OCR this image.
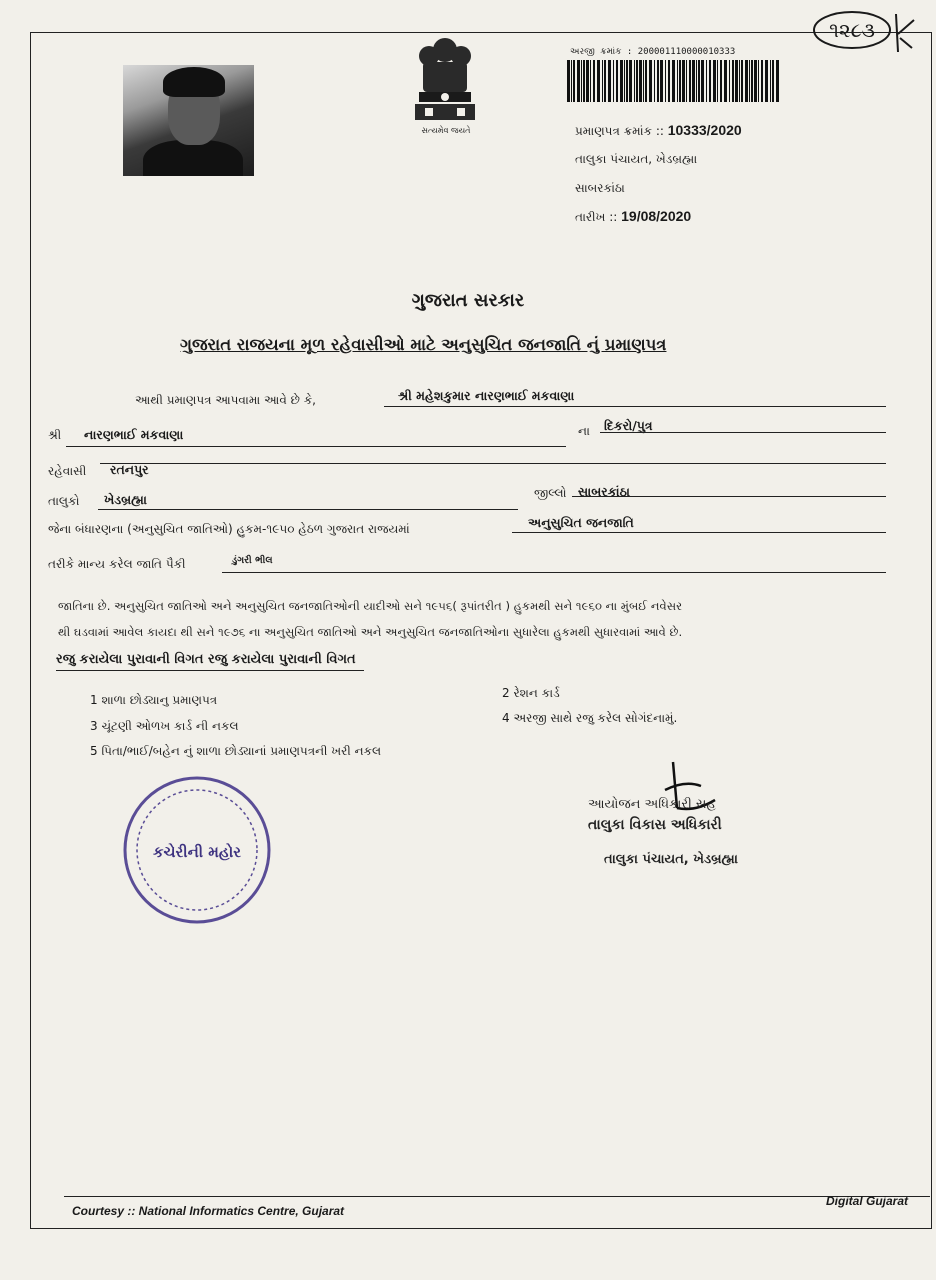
૧૨૮૩
સત્યમેવ જયતે
અરજી ક્રમાંક : 200001110000010333
પ્રમાણપત્ર ક્રમાંક :: 10333/2020
તાલુકા પંચાયત, ખેડબ્રહ્મા
સાબરકાંઠા
તારીખ :: 19/08/2020
ગુજરાત સરકાર
ગુજરાત રાજયના મૂળ રહેવાસીઓ માટે અનુસુચિત જનજાતિ નું પ્રમાણપત્ર
આથી પ્રમાણપત્ર આપવામા આવે છે કે,	શ્રી મહેશકુમાર નારણભાઈ મકવાણા
શ્રી નારણભાઈ મકવાણા	ના દિકરો/પુત્ર
રહેવાસી રતનપુર
તાલુકો ખેડબ્રહ્મા	જીલ્લો સાબરકાંઠા
જેના બંધારણના (અનુસુચિત જાતિઓ) હુકમ-૧૯૫૦ હેઠળ ગુજરાત રાજયમાં	અનુસુચિત જનજાતિ
તરીકે માન્ય કરેલ જાતિ પૈકી	ડુંગરી ભીલ
જાતિના છે. અનુસુચિત જાતિઓ અને અનુસુચિત જનજાતિઓની યાદીઓ સને ૧૯૫૬( રૂપાંતરીત ) હુકમથી સને ૧૯૬૦ ના મુંબઈ નવેસર
થી ઘડવામાં આવેલ કાયદા થી સને ૧૯૭૬ ના અનુસુચિત જાતિઓ અને અનુસુચિત જનજાતિઓના સુધારેલા હુકમથી સુધારવામાં આવે છે.
રજુ કરાયેલા પુરાવાની વિગત રજુ કરાયેલા પુરાવાની વિગત
1 શાળા છોડ્યાનુ પ્રમાણપત્ર	2 રેશન કાર્ડ
3 ચૂંટણી ઓળખ કાર્ડ ની નકલ
4 અરજી સાથે રજુ કરેલ સોગંદનામું.
5 પિતા/ભાઈ/બહેન નું શાળા છોડ્યાનાં પ્રમાણપત્રની ખરી નકલ
કચેરીની મહોર
આયોજન અધિકારી સહ
તાલુકા વિકાસ અધિકારી
તાલુકા પંચાયત, ખેડબ્રહ્મા
Courtesy :: National Informatics Centre, Gujarat
Digital Gujarat
